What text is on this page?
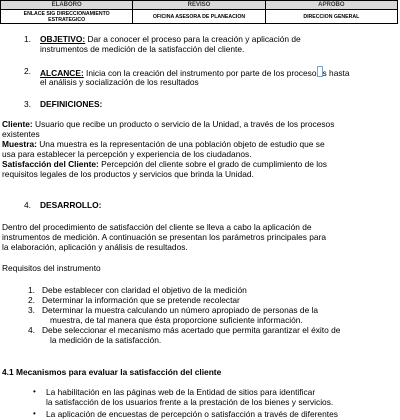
ELABORÓ	REVISÓ	APROBÓ
ENLACE SIG DIRECCIONAMIENTO
ESTRATEGICO	OFICINA ASESORA DE PLANEACION	DIRECCION GENERAL
1. OBJETIVO: Dar a conocer el proceso para la creación y aplicación de
instrumentos de medición de la satisfacción del cliente.
2. ALCANCE: Inicia con la creación del instrumento por parte de los proceso s hasta
el análisis y socialización de los resultados
3. DEFINICIONES:
Cliente: Usuario que recibe un producto o servicio de la Unidad, a través de los procesos
existentes
Muestra: Una muestra es la representación de una población objeto de estudio que se
usa para establecer la percepción y experiencia de los ciudadanos.
Satisfacción del Cliente: Percepción del cliente sobre el grado de cumplimiento de los
requisitos legales de los productos y servicios que brinda la Unidad.
4. DESARROLLO:
Dentro del procedimiento de satisfacción del cliente se lleva a cabo la aplicación de
instrumentos de medición. A continuación se presentan los parámetros principales para
la elaboración, aplicación y análisis de resultados.
Requisitos del instrumento
1. Debe establecer con claridad el objetivo de la medición
2. Determinar la información que se pretende recolectar
3. Determinar la muestra calculando un número apropiado de personas de la
muestra, de tal manera que ésta proporcione suficiente información.
4. Debe seleccionar el mecanismo más acertado que permita garantizar el éxito de
la medición de la satisfacción.
4.1 Mecanismos para evaluar la satisfacción del cliente
• La habilitación en las páginas web de la Entidad de sitios para identificar
la satisfacción de los usuarios frente a la prestación de los bienes y servicios.
• La aplicación de encuestas de percepción o satisfacción a través de diferentes
